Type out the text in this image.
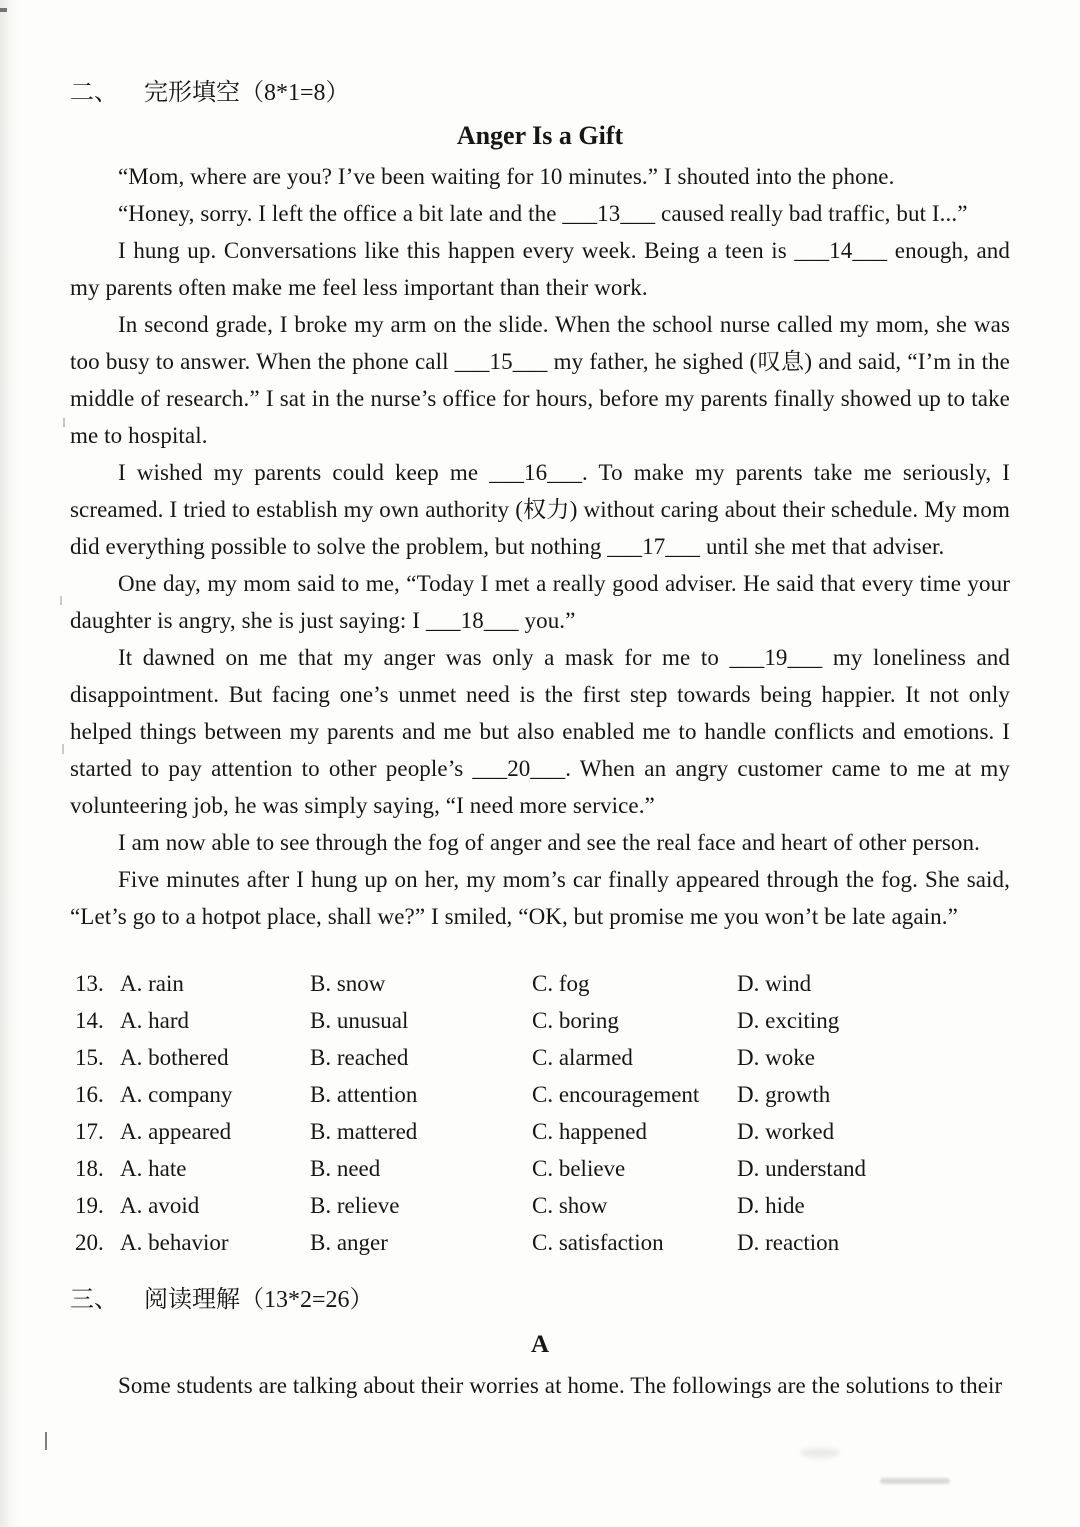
二、 完形填空（8*1=8）
Anger Is a Gift

“Mom, where are you? I’ve been waiting for 10 minutes.” I shouted into the phone.

“Honey, sorry. I left the office a bit late and the ___13___ caused really bad traffic, but I...”

I hung up. Conversations like this happen every week. Being a teen is ___14___ enough, and my parents often make me feel less important than their work.

In second grade, I broke my arm on the slide. When the school nurse called my mom, she was too busy to answer. When the phone call ___15___ my father, he sighed (叹息) and said, “I’m in the middle of research.” I sat in the nurse’s office for hours, before my parents finally showed up to take me to hospital.

I wished my parents could keep me ___16___. To make my parents take me seriously, I screamed. I tried to establish my own authority (权力) without caring about their schedule. My mom did everything possible to solve the problem, but nothing ___17___ until she met that adviser.

One day, my mom said to me, “Today I met a really good adviser. He said that every time your daughter is angry, she is just saying: I ___18___ you.”

It dawned on me that my anger was only a mask for me to ___19___ my loneliness and disappointment. But facing one’s unmet need is the first step towards being happier. It not only helped things between my parents and me but also enabled me to handle conflicts and emotions. I started to pay attention to other people’s ___20___. When an angry customer came to me at my volunteering job, he was simply saying, “I need more service.”

I am now able to see through the fog of anger and see the real face and heart of other person.

Five minutes after I hung up on her, my mom’s car finally appeared through the fog. She said, “Let’s go to a hotpot place, shall we?” I smiled, “OK, but promise me you won’t be late again.”

13. A. rain	B. snow	C. fog	D. wind
14. A. hard	B. unusual	C. boring	D. exciting
15. A. bothered	B. reached	C. alarmed	D. woke
16. A. company	B. attention	C. encouragement	D. growth
17. A. appeared	B. mattered	C. happened	D. worked
18. A. hate	B. need	C. believe	D. understand
19. A. avoid	B. relieve	C. show	D. hide
20. A. behavior	B. anger	C. satisfaction	D. reaction
三、 阅读理解（13*2=26）
A

Some students are talking about their worries at home. The followings are the solutions to their
